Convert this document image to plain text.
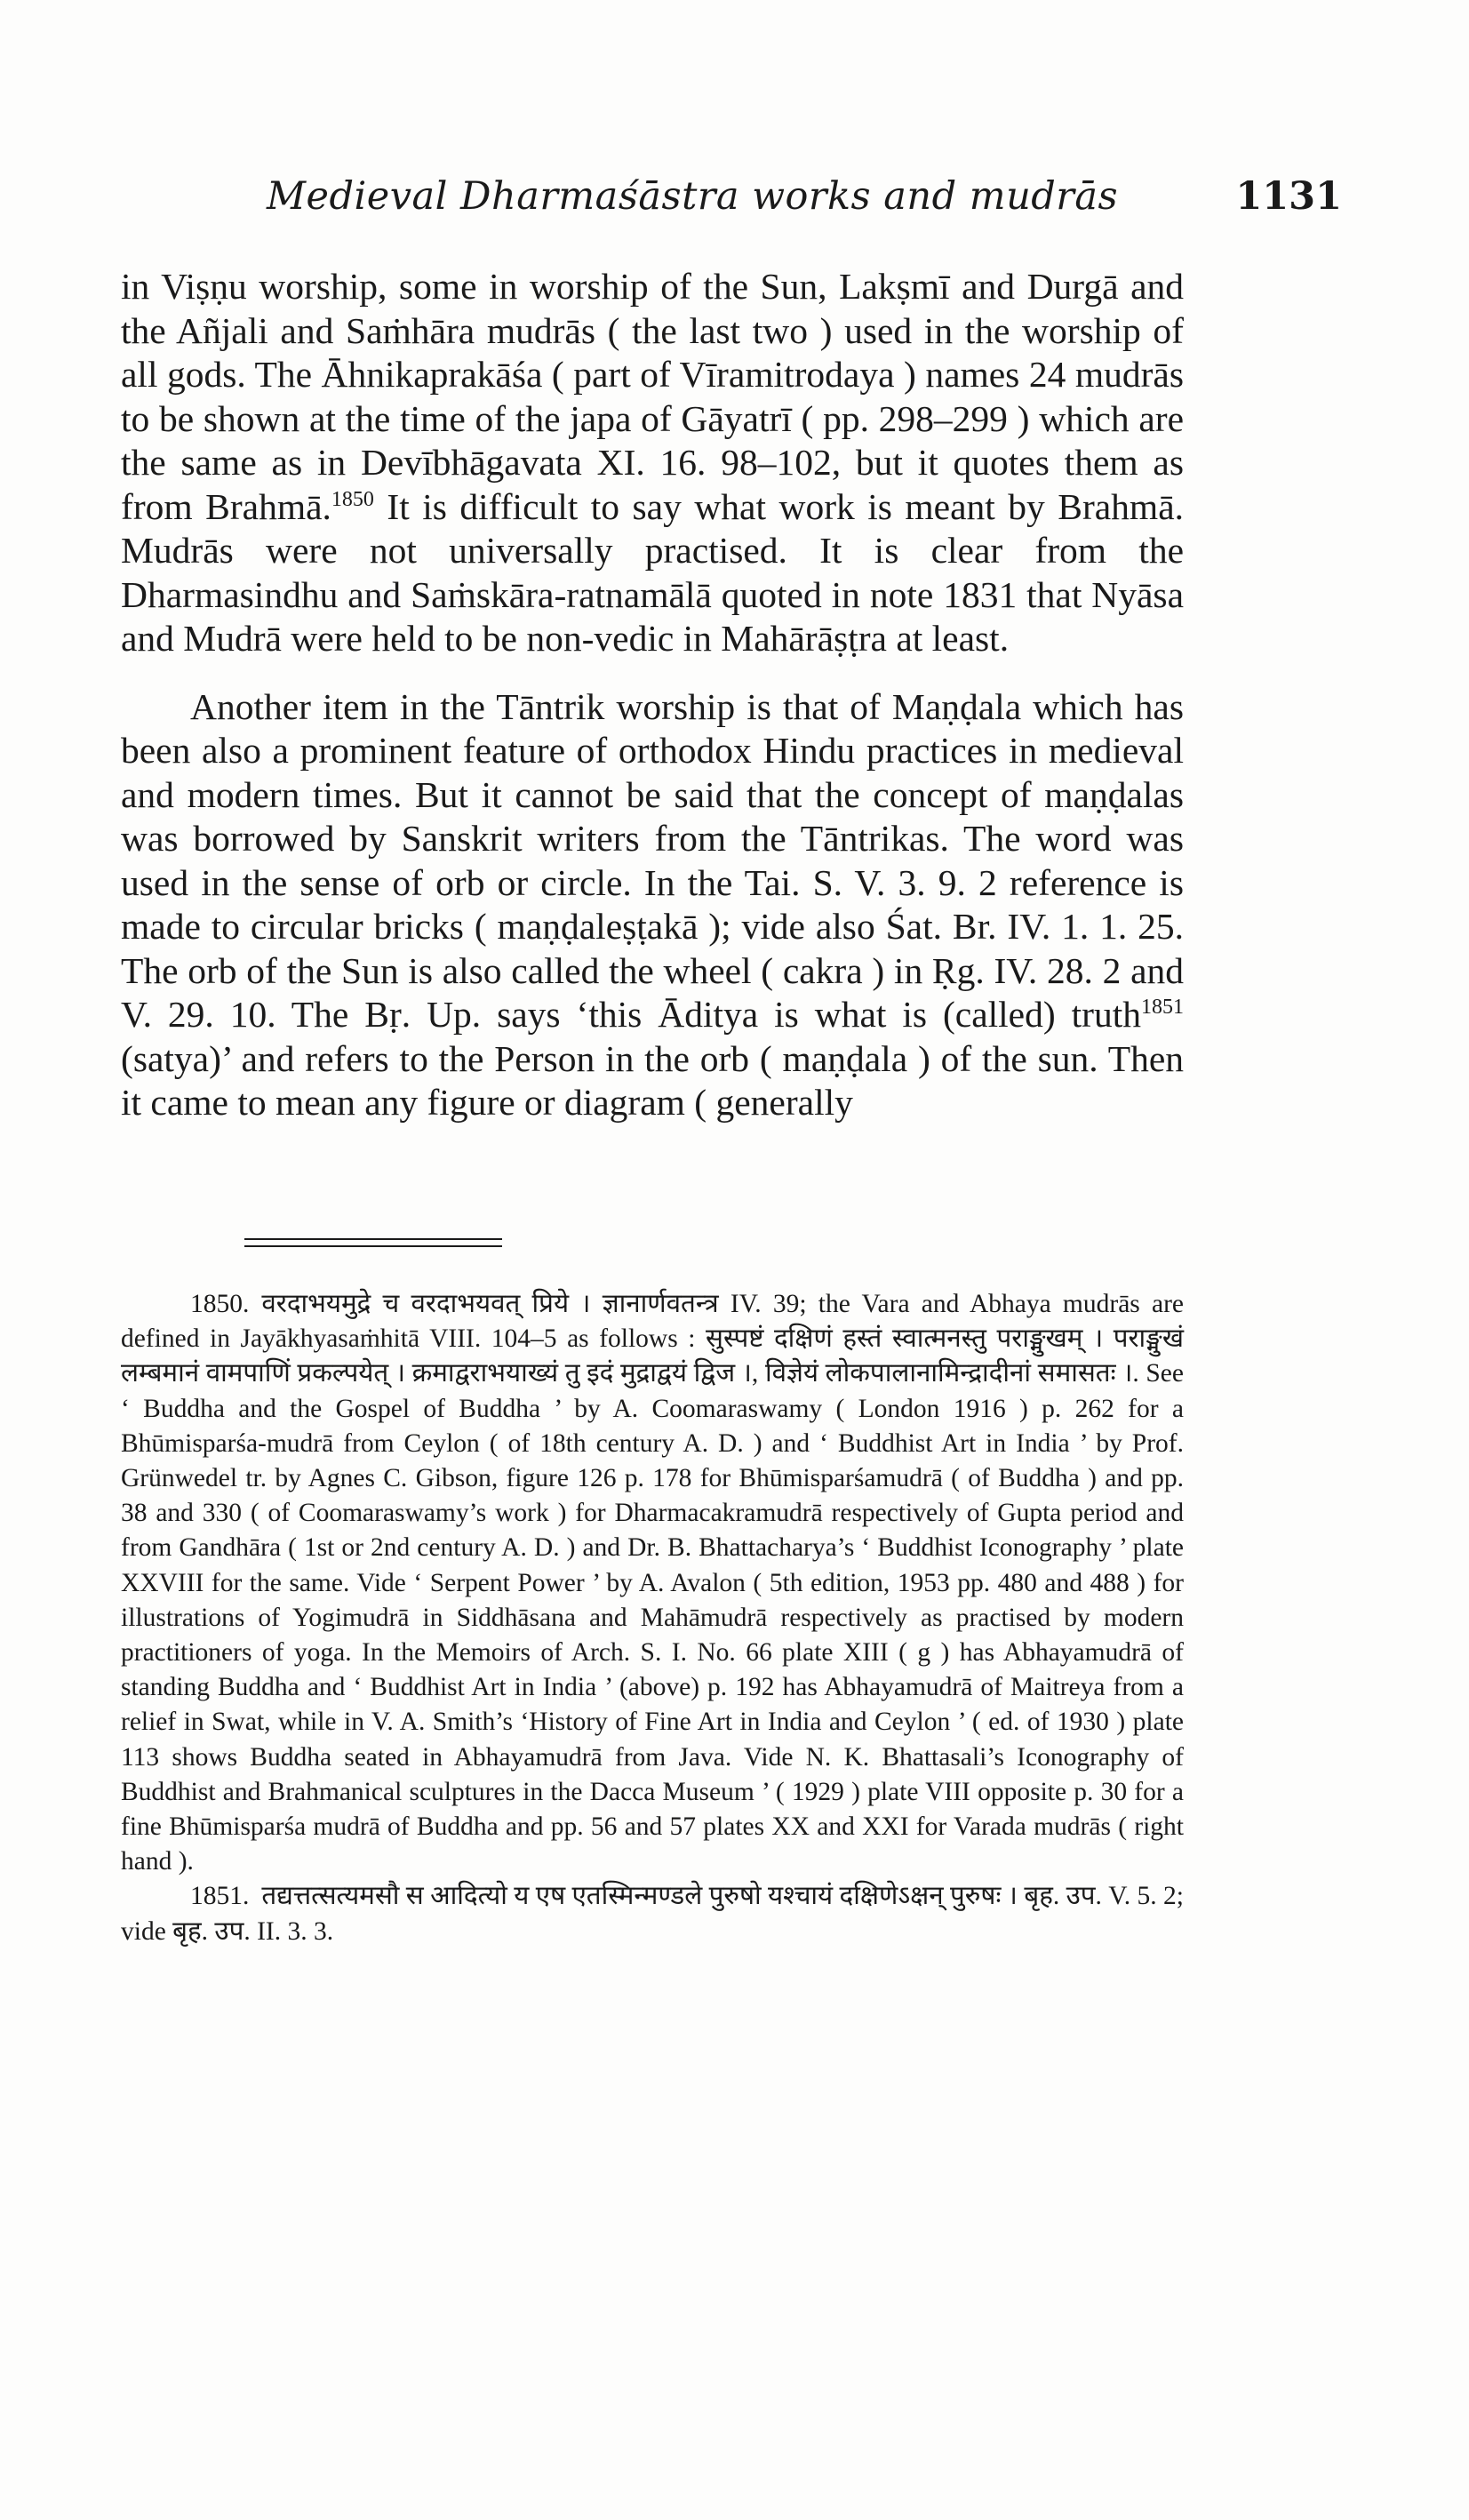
Medieval Dharmaśāstra works and mudrās	1131

in Viṣṇu worship, some in worship of the Sun, Lakṣmī and Durgā and the Añjali and Saṁhāra mudrās ( the last two ) used in the worship of all gods. The Āhnikaprakāśa ( part of Vīramitrodaya ) names 24 mudrās to be shown at the time of the japa of Gāyatrī ( pp. 298–299 ) which are the same as in Devībhāgavata XI. 16. 98–102, but it quotes them as from Brahmā.$^{1850}$ It is difficult to say what work is meant by Brahmā. Mudrās were not universally practised. It is clear from the Dharmasindhu and Saṁskāra-ratnamālā quoted in note 1831 that Nyāsa and Mudrā were held to be non-vedic in Mahārāṣṭra at least.

Another item in the Tāntrik worship is that of Maṇḍala which has been also a prominent feature of orthodox Hindu practices in medieval and modern times. But it cannot be said that the concept of maṇḍalas was borrowed by Sanskrit writers from the Tāntrikas. The word was used in the sense of orb or circle. In the Tai. S. V. 3. 9. 2 reference is made to circular bricks ( maṇḍaleṣṭakā ); vide also Śat. Br. IV. 1. 1. 25. The orb of the Sun is also called the wheel ( cakra ) in Ṛg. IV. 28. 2 and V. 29. 10. The Bṛ. Up. says ‘this Āditya is what is (called) truth$^{1851}$ (satya)’ and refers to the Person in the orb ( maṇḍala ) of the sun. Then it came to mean any figure or diagram ( generally

1850. वरदाभयमुद्रे च वरदाभयवत् प्रिये । ज्ञानार्णवतन्त्र IV. 39; the Vara and Abhaya mudrās are defined in Jayākhyasaṁhitā VIII. 104–5 as follows : सुस्पष्टं दक्षिणं हस्तं स्वात्मनस्तु पराङ्मुखम् । पराङ्मुखं लम्बमानं वामपाणिं प्रकल्पयेत् । क्रमाद्वराभयाख्यं तु इदं मुद्राद्वयं द्विज ।, विज्ञेयं लोकपालानामिन्द्रादीनां समासतः ।. See ‘ Buddha and the Gospel of Buddha ’ by A. Coomaraswamy ( London 1916 ) p. 262 for a Bhūmisparśa-mudrā from Ceylon ( of 18th century A. D. ) and ‘ Buddhist Art in India ’ by Prof. Grünwedel tr. by Agnes C. Gibson, figure 126 p. 178 for Bhūmisparśamudrā ( of Buddha ) and pp. 38 and 330 ( of Coomaraswamy’s work ) for Dharmacakramudrā respectively of Gupta period and from Gandhāra ( 1st or 2nd century A. D. ) and Dr. B. Bhattacharya’s ‘ Buddhist Iconography ’ plate XXVIII for the same. Vide ‘ Serpent Power ’ by A. Avalon ( 5th edition, 1953 pp. 480 and 488 ) for illustrations of Yogimudrā in Siddhāsana and Mahāmudrā respectively as practised by modern practitioners of yoga. In the Memoirs of Arch. S. I. No. 66 plate XIII ( g ) has Abhayamudrā of standing Buddha and ‘ Buddhist Art in India ’ (above) p. 192 has Abhayamudrā of Maitreya from a relief in Swat, while in V. A. Smith’s ‘History of Fine Art in India and Ceylon ’ ( ed. of 1930 ) plate 113 shows Buddha seated in Abhayamudrā from Java. Vide N. K. Bhattasali’s Iconography of Buddhist and Brahmanical sculptures in the Dacca Museum ’ ( 1929 ) plate VIII opposite p. 30 for a fine Bhūmisparśa mudrā of Buddha and pp. 56 and 57 plates XX and XXI for Varada mudrās ( right hand ).

1851. तद्यत्तत्सत्यमसौ स आदित्यो य एष एतस्मिन्मण्डले पुरुषो यश्चायं दक्षिणेऽक्षन् पुरुषः । बृह. उप. V. 5. 2; vide बृह. उप. II. 3. 3.
